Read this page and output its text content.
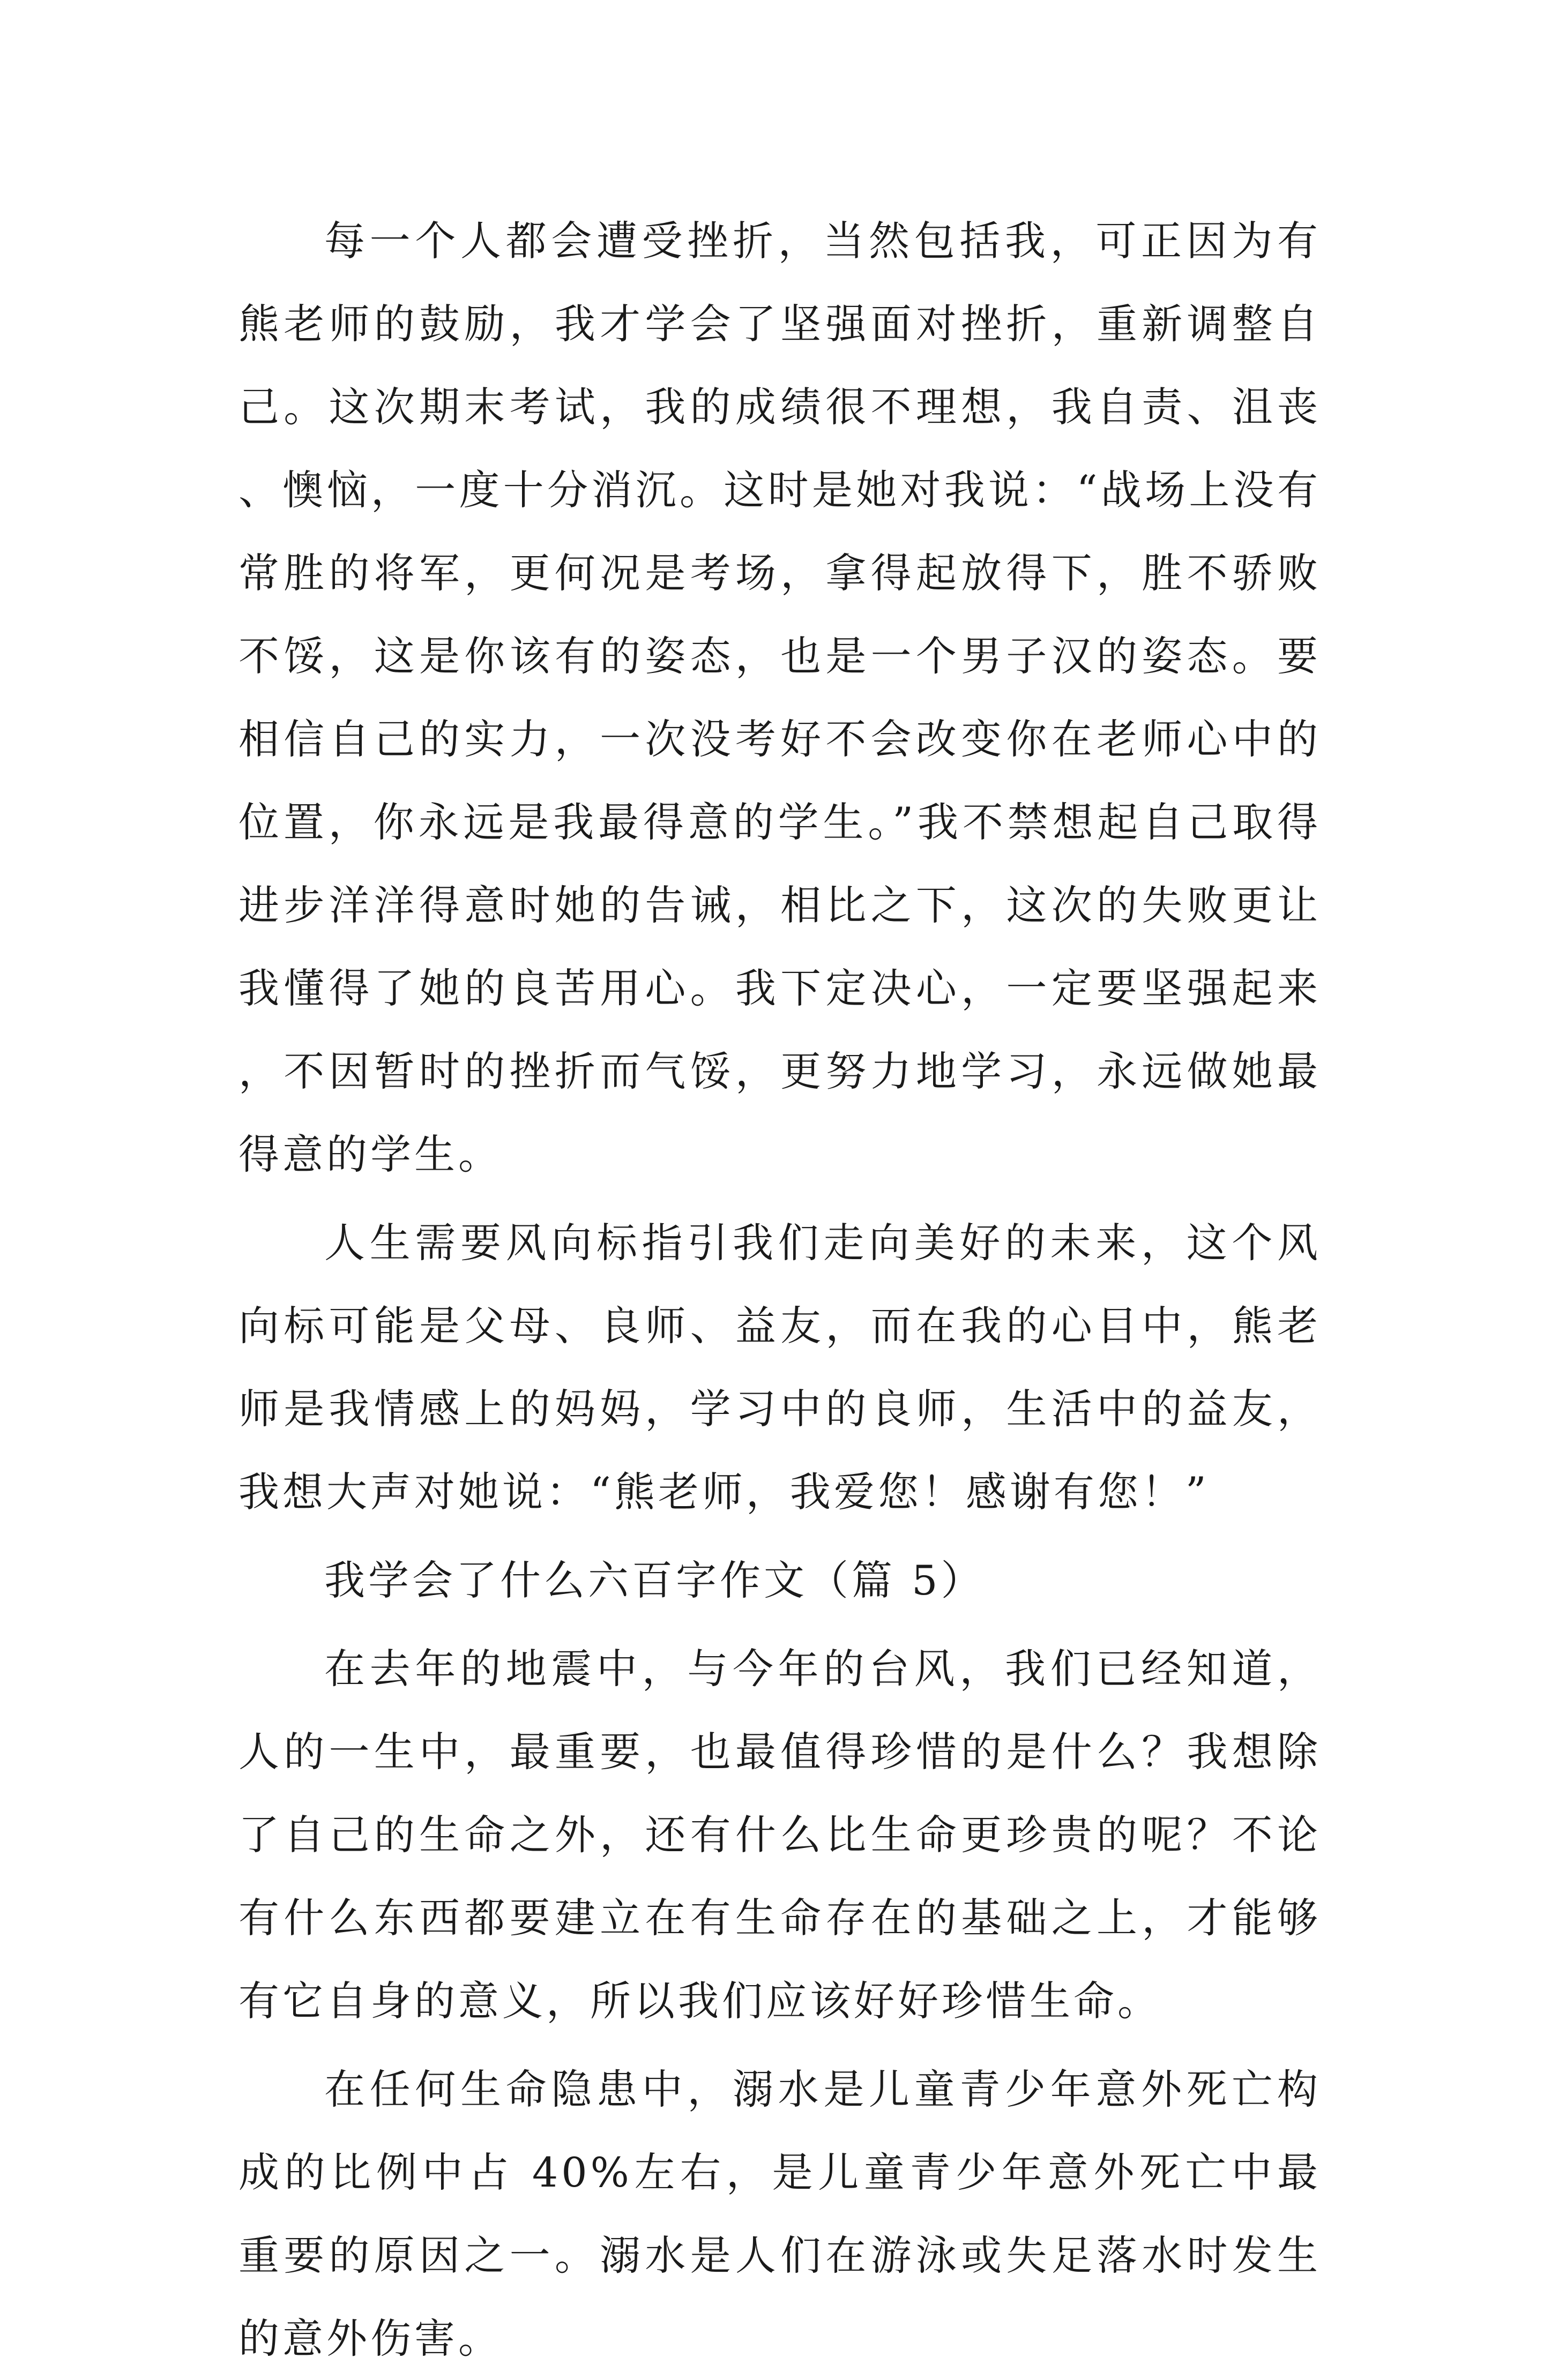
每一个人都会遭受挫折，当然包括我，可正因为有熊老师的鼓励，我才学会了坚强面对挫折，重新调整自己。这次期末考试，我的成绩很不理想，我自责、沮丧、懊恼，一度十分消沉。这时是她对我说：“战场上没有常胜的将军，更何况是考场，拿得起放得下，胜不骄败不馁，这是你该有的姿态，也是一个男子汉的姿态。要相信自己的实力，一次没考好不会改变你在老师心中的位置，你永远是我最得意的学生。”我不禁想起自己取得进步洋洋得意时她的告诫，相比之下，这次的失败更让我懂得了她的良苦用心。我下定决心，一定要坚强起来，不因暂时的挫折而气馁，更努力地学习，永远做她最得意的学生。

人生需要风向标指引我们走向美好的未来，这个风向标可能是父母、良师、益友，而在我的心目中，熊老师是我情感上的妈妈，学习中的良师，生活中的益友，我想大声对她说：“熊老师，我爱您！感谢有您！”

我学会了什么六百字作文（篇 5）

在去年的地震中，与今年的台风，我们已经知道，人的一生中，最重要，也最值得珍惜的是什么？我想除了自己的生命之外，还有什么比生命更珍贵的呢？不论有什么东西都要建立在有生命存在的基础之上，才能够有它自身的意义，所以我们应该好好珍惜生命。

在任何生命隐患中，溺水是儿童青少年意外死亡构成的比例中占 40%左右，是儿童青少年意外死亡中最重要的原因之一。溺水是人们在游泳或失足落水时发生的意外伤害。
